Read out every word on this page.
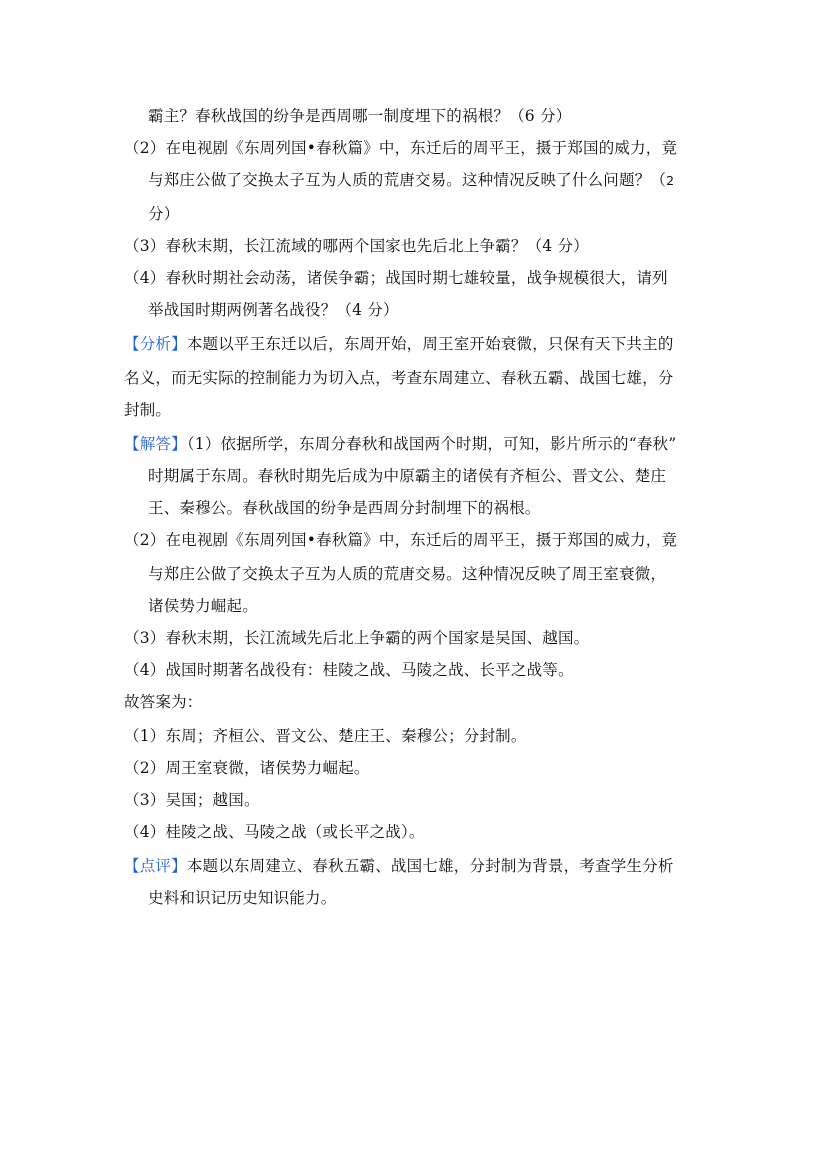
霸主？春秋战国的纷争是西周哪一制度埋下的祸根？（6 分）
（2）在电视剧《东周列国•春秋篇》中，东迁后的周平王，摄于郑国的威力，竟
与郑庄公做了交换太子互为人质的荒唐交易。这种情况反映了什么问题？（2
分）
（3）春秋末期，长江流域的哪两个国家也先后北上争霸？（4 分）
（4）春秋时期社会动荡，诸侯争霸；战国时期七雄较量，战争规模很大，请列
举战国时期两例著名战役？（4 分）
【分析】本题以平王东迁以后，东周开始，周王室开始衰微，只保有天下共主的
名义，而无实际的控制能力为切入点，考查东周建立、春秋五霸、战国七雄，分
封制。
【解答】（1）依据所学，东周分春秋和战国两个时期，可知，影片所示的“春秋”
时期属于东周。春秋时期先后成为中原霸主的诸侯有齐桓公、晋文公、楚庄
王、秦穆公。春秋战国的纷争是西周分封制埋下的祸根。
（2）在电视剧《东周列国•春秋篇》中，东迁后的周平王，摄于郑国的威力，竟
与郑庄公做了交换太子互为人质的荒唐交易。这种情况反映了周王室衰微，
诸侯势力崛起。
（3）春秋末期，长江流域先后北上争霸的两个国家是吴国、越国。
（4）战国时期著名战役有：桂陵之战、马陵之战、长平之战等。
故答案为：
（1）东周；齐桓公、晋文公、楚庄王、秦穆公；分封制。
（2）周王室衰微，诸侯势力崛起。
（3）吴国；越国。
（4）桂陵之战、马陵之战（或长平之战）。
【点评】本题以东周建立、春秋五霸、战国七雄，分封制为背景，考查学生分析
史料和识记历史知识能力。
